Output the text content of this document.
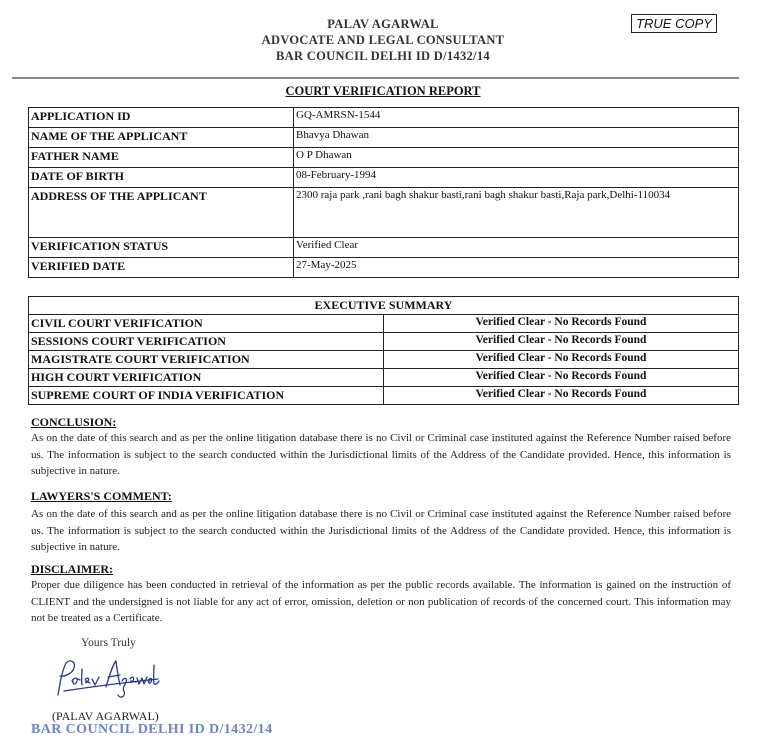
PALAV AGARWAL
ADVOCATE AND LEGAL CONSULTANT
BAR COUNCIL DELHI ID D/1432/14
TRUE COPY
COURT VERIFICATION REPORT
APPLICATION ID	GQ-AMRSN-1544
NAME OF THE APPLICANT	Bhavya Dhawan
FATHER NAME	O P Dhawan
DATE OF BIRTH	08-February-1994
ADDRESS OF THE APPLICANT	2300 raja park ,rani bagh shakur basti,rani bagh shakur basti,Raja park,Delhi-110034
VERIFICATION STATUS	Verified Clear
VERIFIED DATE	27-May-2025
EXECUTIVE SUMMARY	
CIVIL COURT VERIFICATION	Verified Clear - No Records Found
SESSIONS COURT VERIFICATION	Verified Clear - No Records Found
MAGISTRATE COURT VERIFICATION	Verified Clear - No Records Found
HIGH COURT VERIFICATION	Verified Clear - No Records Found
SUPREME COURT OF INDIA VERIFICATION	Verified Clear - No Records Found
CONCLUSION:
As on the date of this search and as per the online litigation database there is no Civil or Criminal case instituted against the Reference Number raised before us. The information is subject to the search conducted within the Jurisdictional limits of the Address of the Candidate provided. Hence, this information is subjective in nature.
LAWYERS'S COMMENT:
As on the date of this search and as per the online litigation database there is no Civil or Criminal case instituted against the Reference Number raised before us. The information is subject to the search conducted within the Jurisdictional limits of the Address of the Candidate provided. Hence, this information is subjective in nature.
DISCLAIMER:
Proper due diligence has been conducted in retrieval of the information as per the public records available. The information is gained on the instruction of CLIENT and the undersigned is not liable for any act of error, omission, deletion or non publication of records of the concerned court. This information may not be treated as a Certificate.
Yours Truly
(PALAV AGARWAL)
BAR COUNCIL DELHI ID D/1432/14
